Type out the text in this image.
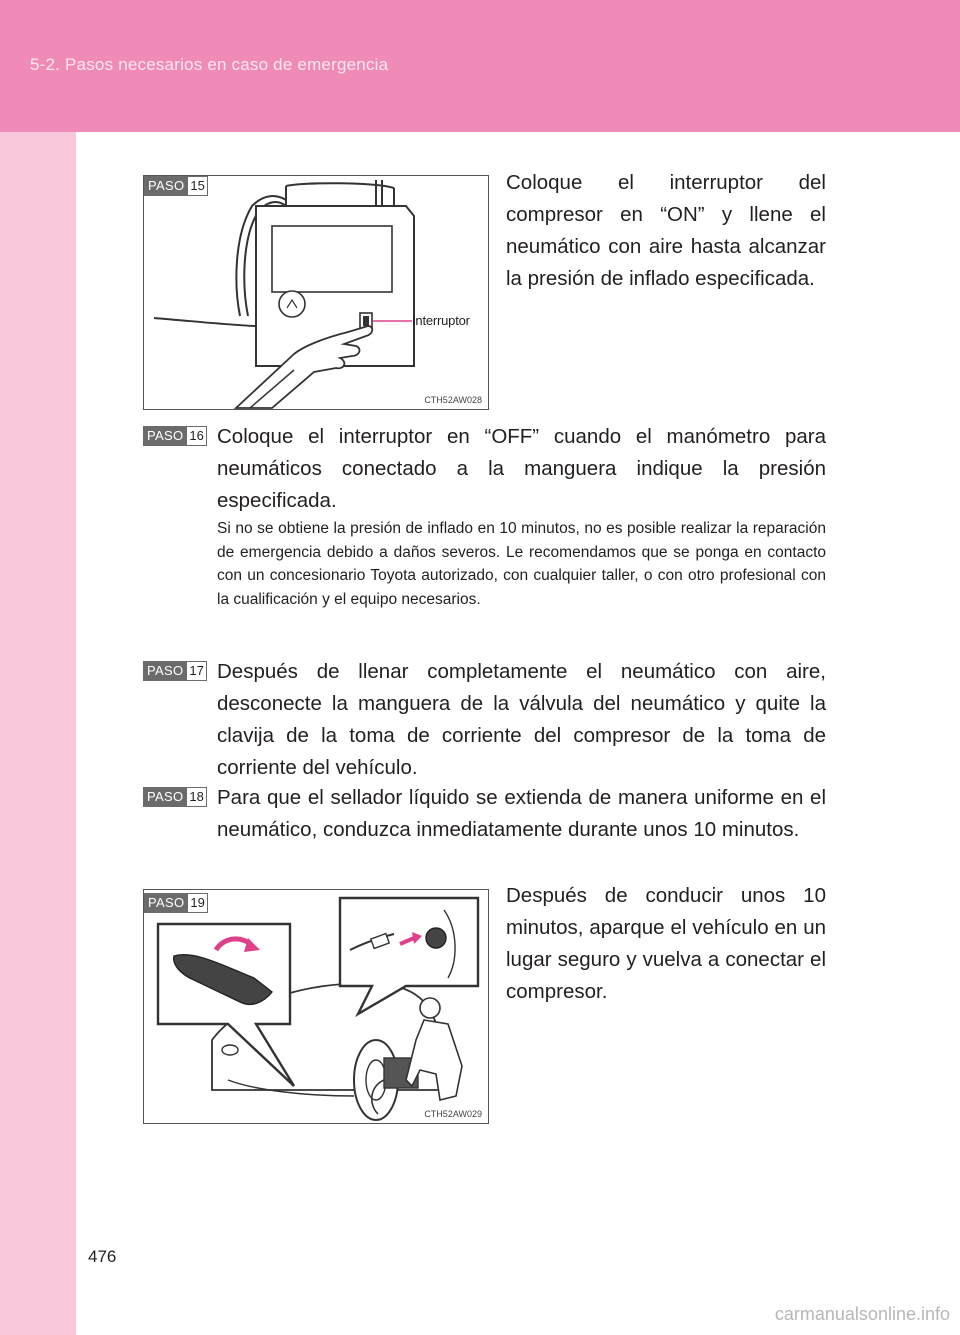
5-2. Pasos necesarios en caso de emergencia
PASO 15
Interruptor
CTH52AW028
Coloque el interruptor del compresor en “ON” y llene el neumático con aire hasta alcanzar la presión de inflado especificada.
PASO 16 Coloque el interruptor en “OFF” cuando el manómetro para neumáticos conectado a la manguera indique la presión especificada.
Si no se obtiene la presión de inflado en 10 minutos, no es posible realizar la reparación de emergencia debido a daños severos. Le recomendamos que se ponga en contacto con un concesionario Toyota autorizado, con cualquier taller, o con otro profesional con la cualificación y el equipo necesarios.
PASO 17 Después de llenar completamente el neumático con aire, desconecte la manguera de la válvula del neumático y quite la clavija de la toma de corriente del compresor de la toma de corriente del vehículo.
PASO 18 Para que el sellador líquido se extienda de manera uniforme en el neumático, conduzca inmediatamente durante unos 10 minutos.
PASO 19
CTH52AW029
Después de conducir unos 10 minutos, aparque el vehículo en un lugar seguro y vuelva a conectar el compresor.
476
carmanualsonline.info
